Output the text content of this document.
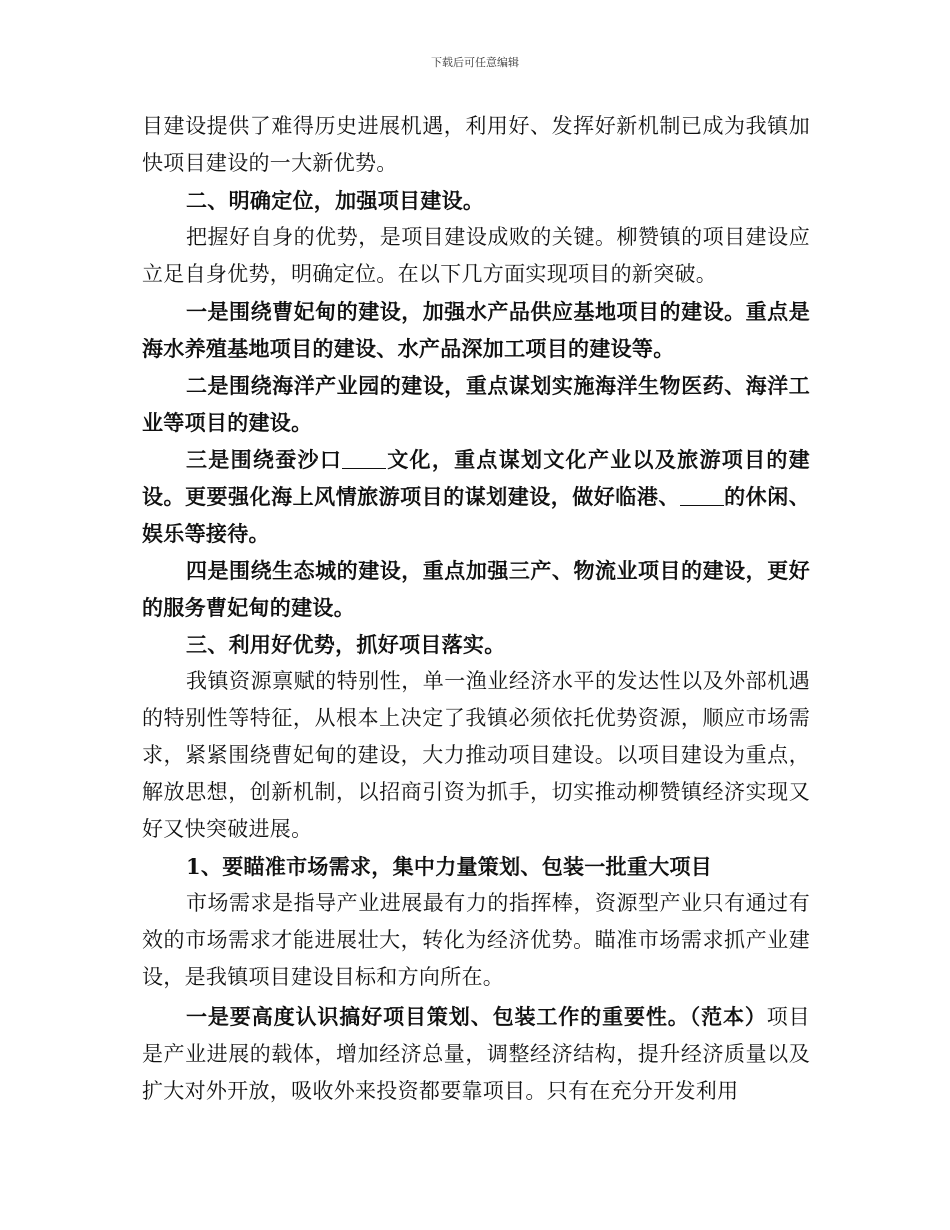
下载后可任意编辑

目建设提供了难得历史进展机遇，利用好、发挥好新机制已成为我镇加快项目建设的一大新优势。

二、明确定位，加强项目建设。

把握好自身的优势，是项目建设成败的关键。柳赞镇的项目建设应立足自身优势，明确定位。在以下几方面实现项目的新突破。

一是围绕曹妃甸的建设，加强水产品供应基地项目的建设。重点是海水养殖基地项目的建设、水产品深加工项目的建设等。

二是围绕海洋产业园的建设，重点谋划实施海洋生物医药、海洋工业等项目的建设。

三是围绕蚕沙口 文化，重点谋划文化产业以及旅游项目的建设。更要强化海上风情旅游项目的谋划建设，做好临港、 的休闲、娱乐等接待。

四是围绕生态城的建设，重点加强三产、物流业项目的建设，更好的服务曹妃甸的建设。

三、利用好优势，抓好项目落实。

我镇资源禀赋的特别性，单一渔业经济水平的发达性以及外部机遇的特别性等特征，从根本上决定了我镇必须依托优势资源，顺应市场需求，紧紧围绕曹妃甸的建设，大力推动项目建设。以项目建设为重点，解放思想，创新机制，以招商引资为抓手，切实推动柳赞镇经济实现又好又快突破进展。

1、要瞄准市场需求，集中力量策划、包装一批重大项目

市场需求是指导产业进展最有力的指挥棒，资源型产业只有通过有效的市场需求才能进展壮大，转化为经济优势。瞄准市场需求抓产业建设，是我镇项目建设目标和方向所在。

一是要高度认识搞好项目策划、包装工作的重要性。（范本）项目是产业进展的载体，增加经济总量，调整经济结构，提升经济质量以及扩大对外开放，吸收外来投资都要靠项目。只有在充分开发利用
